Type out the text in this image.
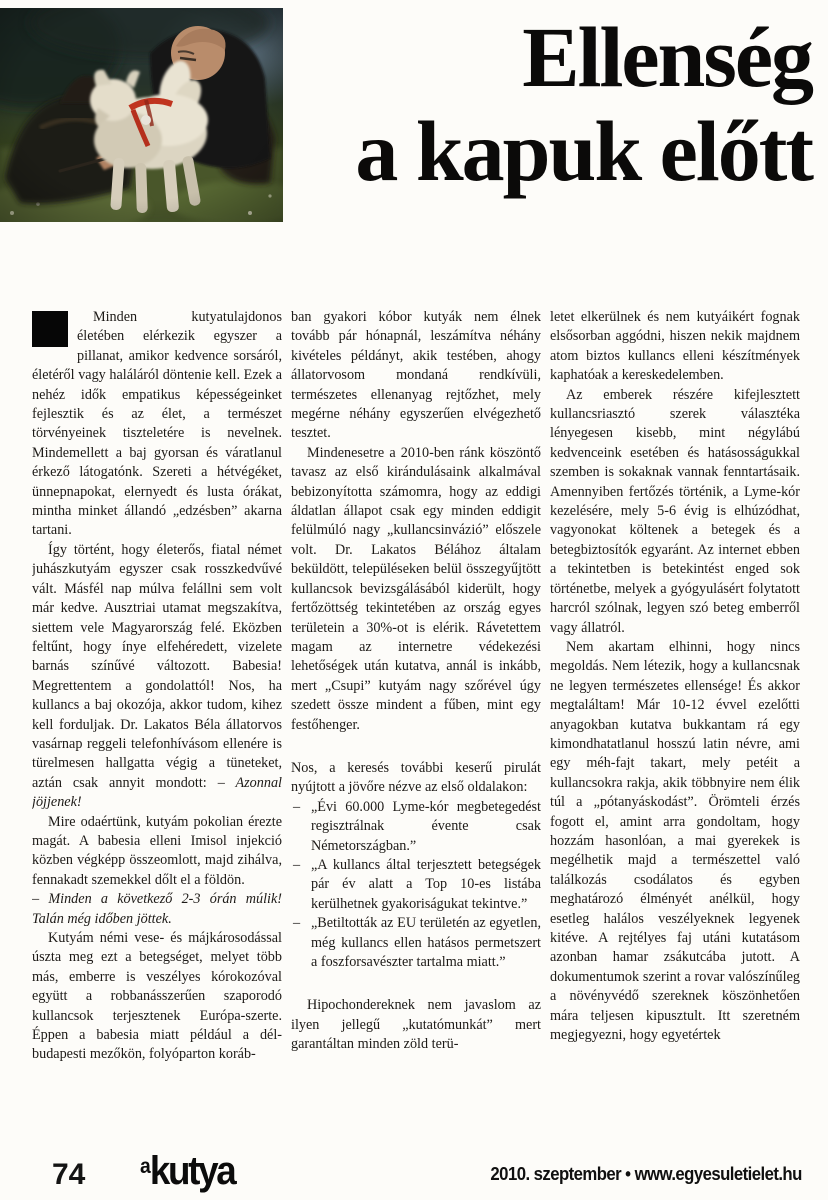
Ellenség
a kapuk előtt

Minden kutyatulajdonos életében elérkezik egyszer a pillanat, amikor kedvence sorsáról, életéről vagy haláláról döntenie kell. Ezek a nehéz idők empatikus képességeinket fejlesztik és az élet, a természet törvényeinek tiszteletére is nevelnek. Mindemellett a baj gyorsan és váratlanul érkező látogatónk. Szereti a hétvégéket, ünnepnapokat, elernyedt és lusta órákat, mintha minket állandó „edzésben” akarna tartani.

Így történt, hogy életerős, fiatal német juhászkutyám egyszer csak rosszkedvűvé vált. Másfél nap múlva felállni sem volt már kedve. Ausztriai utamat megszakítva, siettem vele Magyarország felé. Eközben feltűnt, hogy ínye elfehéredett, vizelete barnás színűvé változott. Babesia! Megrettentem a gondolattól! Nos, ha kullancs a baj okozója, akkor tudom, kihez kell forduljak. Dr. Lakatos Béla állatorvos vasárnap reggeli telefonhívásom ellenére is türelmesen hallgatta végig a tüneteket, aztán csak annyit mondott: – Azonnal jöjjenek!

Mire odaértünk, kutyám pokolian érezte magát. A babesia elleni Imisol injekció közben végképp összeomlott, majd zihálva, fennakadt szemekkel dőlt el a földön.

– Minden a következő 2-3 órán múlik! Talán még időben jöttek.

Kutyám némi vese- és májkárosodással úszta meg ezt a betegséget, melyet több más, emberre is veszélyes kórokozóval együtt a robbanásszerűen szaporodó kullancsok terjesztenek Európa-szerte. Éppen a babesia miatt például a dél-budapesti mezőkön, folyóparton koráb-

ban gyakori kóbor kutyák nem élnek tovább pár hónapnál, leszámítva néhány kivételes példányt, akik testében, ahogy állatorvosom mondaná rendkívüli, természetes ellenanyag rejtőzhet, mely megérne néhány egyszerűen elvégezhető tesztet.

Mindenesetre a 2010-ben ránk köszöntő tavasz az első kirándulásaink alkalmával bebizonyította számomra, hogy az eddigi áldatlan állapot csak egy minden eddigit felülmúló nagy „kullancsinvázió” előszele volt. Dr. Lakatos Bélához általam beküldött, településeken belül összegyűjtött kullancsok bevizsgálásából kiderült, hogy fertőzöttség tekintetében az ország egyes területein a 30%-ot is elérik. Rávetettem magam az internetre védekezési lehetőségek után kutatva, annál is inkább, mert „Csupi” kutyám nagy szőrével úgy szedett össze mindent a fűben, mint egy festőhenger.

Nos, a keresés további keserű pirulát nyújtott a jövőre nézve az első oldalakon:

– „Évi 60.000 Lyme-kór megbetegedést regisztrálnak évente csak Németországban.”
– „A kullancs által terjesztett betegségek pár év alatt a Top 10-es listába kerülhetnek gyakoriságukat tekintve.”
– „Betiltották az EU területén az egyetlen, még kullancs ellen hatásos permetszert a foszforsavészter tartalma miatt.”

Hipochondereknek nem javaslom az ilyen jellegű „kutatómunkát” mert garantáltan minden zöld terü-

letet elkerülnek és nem kutyáikért fognak elsősorban aggódni, hiszen nekik majdnem atom biztos kullancs elleni készítmények kaphatóak a kereskedelemben.

Az emberek részére kifejlesztett kullancsriasztó szerek választéka lényegesen kisebb, mint négylábú kedvenceink esetében és hatásosságukkal szemben is sokaknak vannak fenntartásaik. Amennyiben fertőzés történik, a Lyme-kór kezelésére, mely 5-6 évig is elhúzódhat, vagyonokat költenek a betegek és a betegbiztosítók egyaránt. Az internet ebben a tekintetben is betekintést enged sok történetbe, melyek a gyógyulásért folytatott harcról szólnak, legyen szó beteg emberről vagy állatról.

Nem akartam elhinni, hogy nincs megoldás. Nem létezik, hogy a kullancsnak ne legyen természetes ellensége! És akkor megtaláltam! Már 10-12 évvel ezelőtti anyagokban kutatva bukkantam rá egy kimondhatatlanul hosszú latin névre, ami egy méh-fajt takart, mely petéit a kullancsokra rakja, akik többnyire nem élik túl a „pótanyáskodást”. Örömteli érzés fogott el, amint arra gondoltam, hogy hozzám hasonlóan, a mai gyerekek is megélhetik majd a természettel való találkozás csodálatos és egyben meghatározó élményét anélkül, hogy esetleg halálos veszélyeknek legyenek kitéve. A rejtélyes faj utáni kutatásom azonban hamar zsákutcába jutott. A dokumentumok szerint a rovar valószínűleg a növényvédő szereknek köszönhetően mára teljesen kipusztult. Itt szeretném megjegyezni, hogy egyetértek

74	a kutya	2010. szeptember • www.egyesuletielet.hu
